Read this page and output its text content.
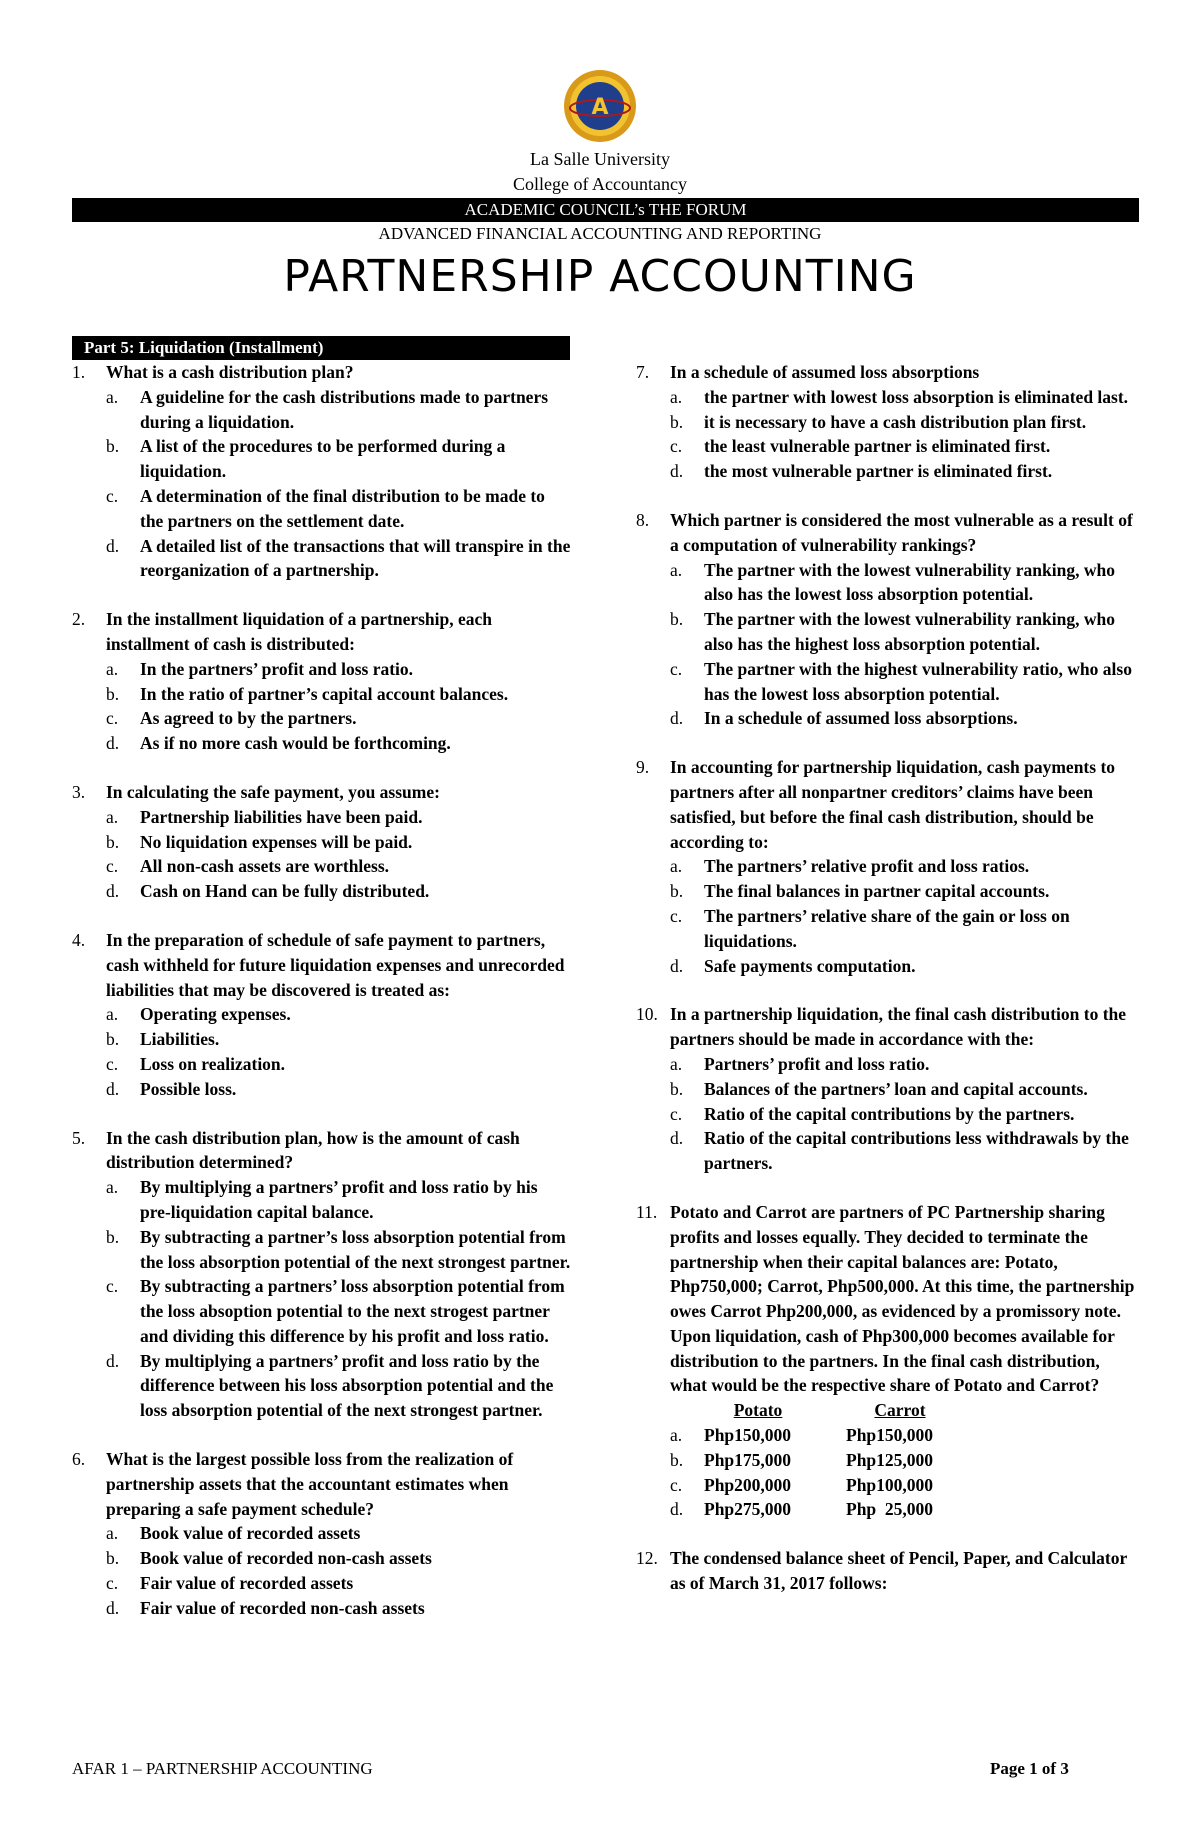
A
La Salle University
College of Accountancy
ACADEMIC COUNCIL’s THE FORUM
ADVANCED FINANCIAL ACCOUNTING AND REPORTING
PARTNERSHIP ACCOUNTING
Part 5: Liquidation (Installment)
1.	What is a cash distribution plan?
a.	A guideline for the cash distributions made to partners during a liquidation.
b.	A list of the procedures to be performed during a liquidation.
c.	A determination of the final distribution to be made to the partners on the settlement date.
d.	A detailed list of the transactions that will transpire in the reorganization of a partnership.
2.	In the installment liquidation of a partnership, each installment of cash is distributed:
a.	In the partners’ profit and loss ratio.
b.	In the ratio of partner’s capital account balances.
c.	As agreed to by the partners.
d.	As if no more cash would be forthcoming.
3.	In calculating the safe payment, you assume:
a.	Partnership liabilities have been paid.
b.	No liquidation expenses will be paid.
c.	All non-cash assets are worthless.
d.	Cash on Hand can be fully distributed.
4.	In the preparation of schedule of safe payment to partners, cash withheld for future liquidation expenses and unrecorded liabilities that may be discovered is treated as:
a.	Operating expenses.
b.	Liabilities.
c.	Loss on realization.
d.	Possible loss.
5.	In the cash distribution plan, how is the amount of cash distribution determined?
a.	By multiplying a partners’ profit and loss ratio by his pre-liquidation capital balance.
b.	By subtracting a partner’s loss absorption potential from the loss absorption potential of the next strongest partner.
c.	By subtracting a partners’ loss absorption potential from the loss absoption potential to the next strogest partner and dividing this difference by his profit and loss ratio.
d.	By multiplying a partners’ profit and loss ratio by the difference between his loss absorption potential and the loss absorption potential of the next strongest partner.
6.	What is the largest possible loss from the realization of partnership assets that the accountant estimates when preparing a safe payment schedule?
a.	Book value of recorded assets
b.	Book value of recorded non-cash assets
c.	Fair value of recorded assets
d.	Fair value of recorded non-cash assets
7.	In a schedule of assumed loss absorptions
a.	the partner with lowest loss absorption is eliminated last.
b.	it is necessary to have a cash distribution plan first.
c.	the least vulnerable partner is eliminated first.
d.	the most vulnerable partner is eliminated first.
8.	Which partner is considered the most vulnerable as a result of a computation of vulnerability rankings?
a.	The partner with the lowest vulnerability ranking, who also has the lowest loss absorption potential.
b.	The partner with the lowest vulnerability ranking, who also has the highest loss absorption potential.
c.	The partner with the highest vulnerability ratio, who also has the lowest loss absorption potential.
d.	In a schedule of assumed loss absorptions.
9.	In accounting for partnership liquidation, cash payments to partners after all nonpartner creditors’ claims have been satisfied, but before the final cash distribution, should be according to:
a.	The partners’ relative profit and loss ratios.
b.	The final balances in partner capital accounts.
c.	The partners’ relative share of the gain or loss on liquidations.
d.	Safe payments computation.
10. In a partnership liquidation, the final cash distribution to the partners should be made in accordance with the:
a.	Partners’ profit and loss ratio.
b.	Balances of the partners’ loan and capital accounts.
c.	Ratio of the capital contributions by the partners.
d.	Ratio of the capital contributions less withdrawals by the partners.
11. Potato and Carrot are partners of PC Partnership sharing profits and losses equally. They decided to terminate the partnership when their capital balances are: Potato, Php750,000; Carrot, Php500,000. At this time, the partnership owes Carrot Php200,000, as evidenced by a promissory note. Upon liquidation, cash of Php300,000 becomes available for distribution to the partners. In the final cash distribution, what would be the respective share of Potato and Carrot?
Potato	Carrot
a.	Php150,000	Php150,000
b.	Php175,000	Php125,000
c.	Php200,000	Php100,000
d.	Php275,000	Php  25,000
12. The condensed balance sheet of Pencil, Paper, and Calculator as of March 31, 2017 follows:
AFAR 1 – PARTNERSHIP ACCOUNTING	Page 1 of 3
